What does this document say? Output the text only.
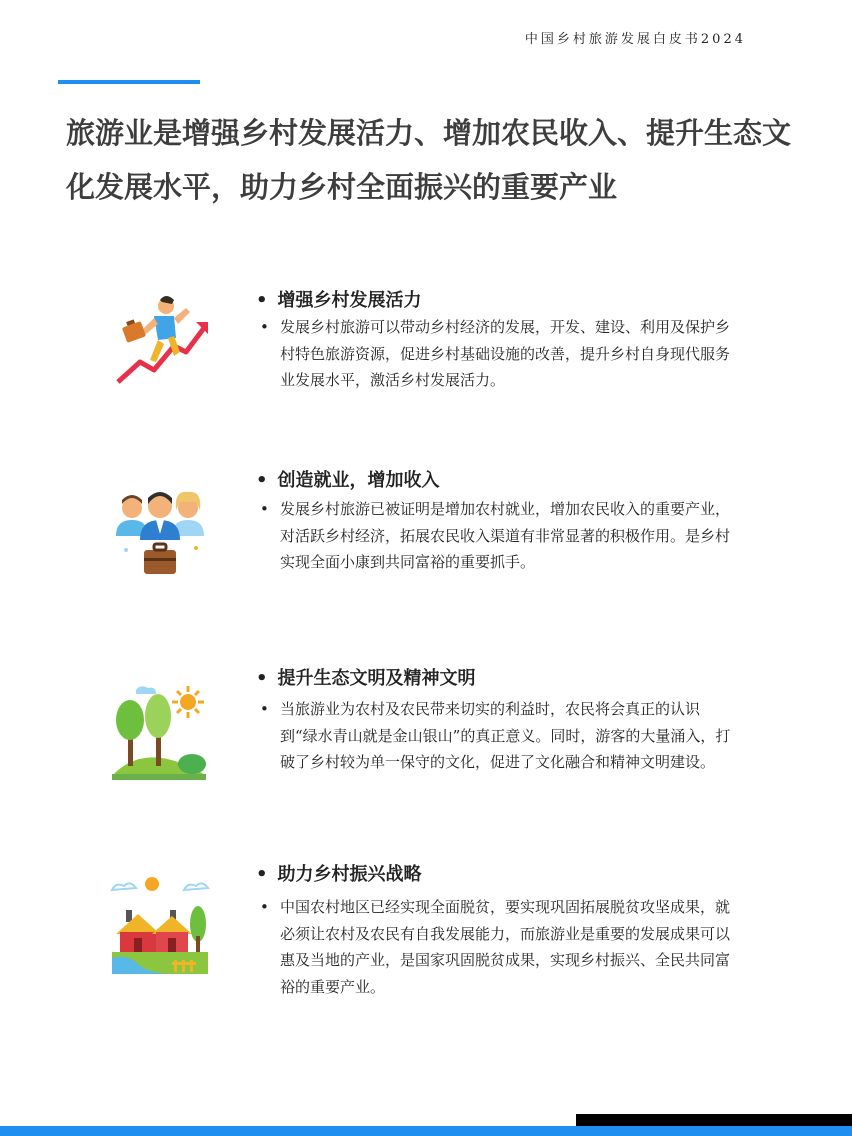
中国乡村旅游发展白皮书2024
旅游业是增强乡村发展活力、增加农民收入、提升生态文化发展水平，助力乡村全面振兴的重要产业
• 增强乡村发展活力

• 发展乡村旅游可以带动乡村经济的发展，开发、建设、利用及保护乡村特色旅游资源，促进乡村基础设施的改善，提升乡村自身现代服务业发展水平，激活乡村发展活力。

• 创造就业，增加收入

• 发展乡村旅游已被证明是增加农村就业，增加农民收入的重要产业，对活跃乡村经济，拓展农民收入渠道有非常显著的积极作用。是乡村实现全面小康到共同富裕的重要抓手。

• 提升生态文明及精神文明

• 当旅游业为农村及农民带来切实的利益时，农民将会真正的认识到“绿水青山就是金山银山”的真正意义。同时，游客的大量涌入，打破了乡村较为单一保守的文化，促进了文化融合和精神文明建设。

• 助力乡村振兴战略

• 中国农村地区已经实现全面脱贫，要实现巩固拓展脱贫攻坚成果，就必须让农村及农民有自我发展能力，而旅游业是重要的发展成果可以惠及当地的产业，是国家巩固脱贫成果，实现乡村振兴、全民共同富裕的重要产业。
